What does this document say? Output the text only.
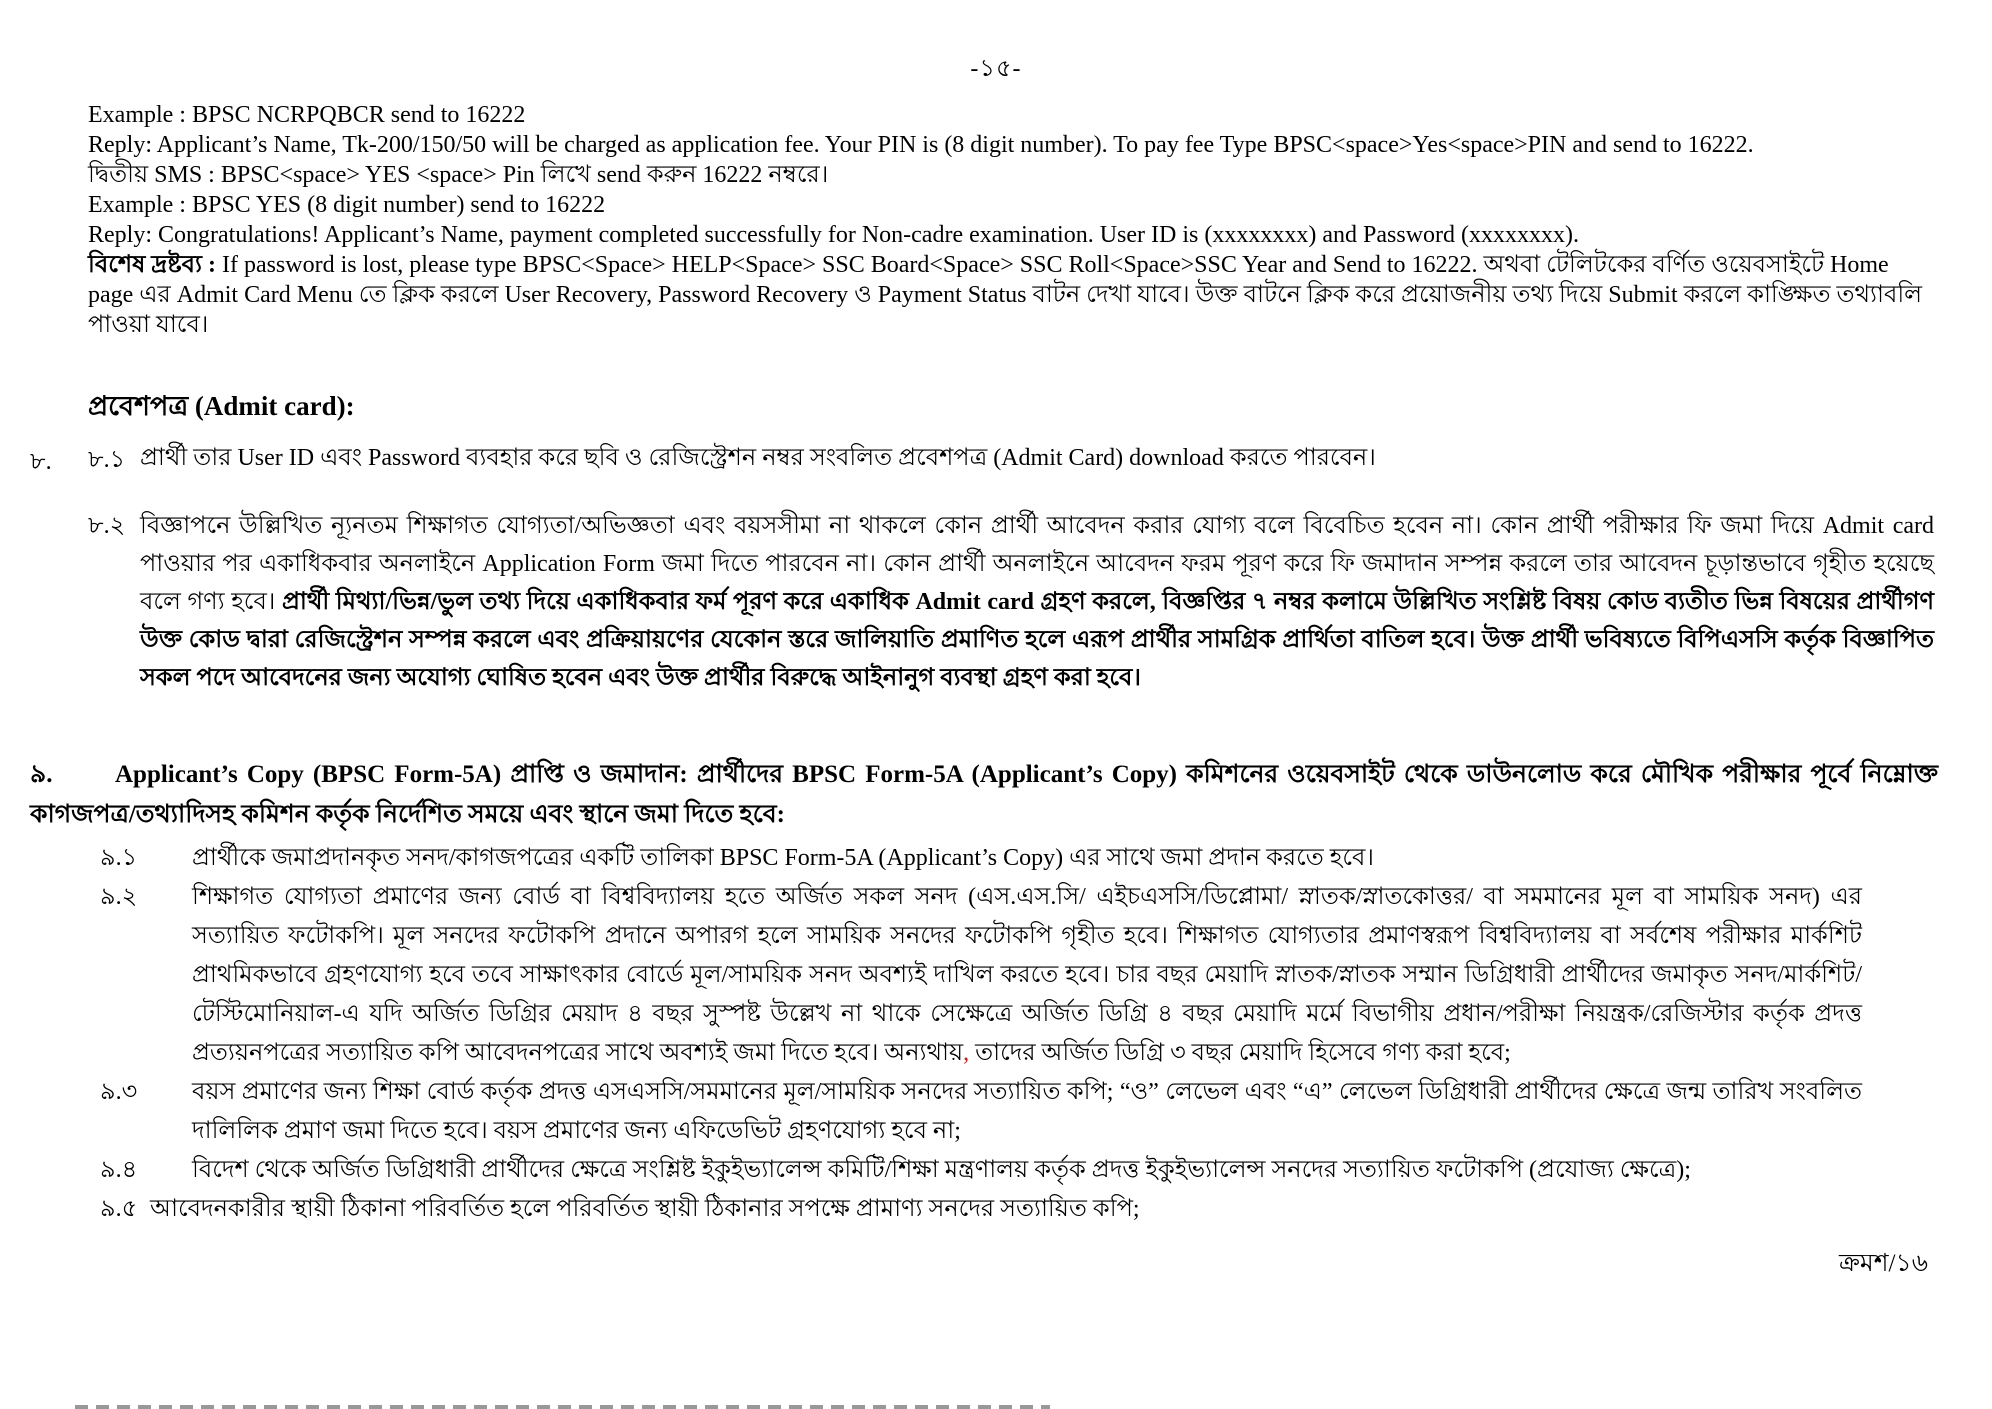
-১৫-

Example : BPSC NCRPQBCR send to 16222

Reply: Applicant’s Name, Tk-200/150/50 will be charged as application fee. Your PIN is (8 digit number). To pay fee Type BPSC<space>Yes<space>PIN and send to 16222.

দ্বিতীয় SMS : BPSC<space> YES <space> Pin লিখে send করুন 16222 নম্বরে।

Example : BPSC YES (8 digit number) send to 16222

Reply: Congratulations! Applicant’s Name, payment completed successfully for Non-cadre examination. User ID is (xxxxxxxx) and Password (xxxxxxxx).

বিশেষ দ্রষ্টব্য : If password is lost, please type BPSC<Space> HELP<Space> SSC Board<Space> SSC Roll<Space>SSC Year and Send to 16222. অথবা টেলিটকের বর্ণিত ওয়েবসাইটে Home page এর Admit Card Menu তে ক্লিক করলে User Recovery, Password Recovery ও Payment Status বাটন দেখা যাবে। উক্ত বাটনে ক্লিক করে প্রয়োজনীয় তথ্য দিয়ে Submit করলে কাঙ্ক্ষিত তথ্যাবলি পাওয়া যাবে।

প্রবেশপত্র (Admit card):
৮. ৮.১ প্রার্থী তার User ID এবং Password ব্যবহার করে ছবি ও রেজিস্ট্রেশন নম্বর সংবলিত প্রবেশপত্র (Admit Card) download করতে পারবেন।

৮.২ বিজ্ঞাপনে উল্লিখিত ন্যূনতম শিক্ষাগত যোগ্যতা/অভিজ্ঞতা এবং বয়সসীমা না থাকলে কোন প্রার্থী আবেদন করার যোগ্য বলে বিবেচিত হবেন না। কোন প্রার্থী পরীক্ষার ফি জমা দিয়ে Admit card পাওয়ার পর একাধিকবার অনলাইনে Application Form জমা দিতে পারবেন না। কোন প্রার্থী অনলাইনে আবেদন ফরম পূরণ করে ফি জমাদান সম্পন্ন করলে তার আবেদন চূড়ান্তভাবে গৃহীত হয়েছে বলে গণ্য হবে। প্রার্থী মিথ্যা/ভিন্ন/ভুল তথ্য দিয়ে একাধিকবার ফর্ম পূরণ করে একাধিক Admit card গ্রহণ করলে, বিজ্ঞপ্তির ৭ নম্বর কলামে উল্লিখিত সংশ্লিষ্ট বিষয় কোড ব্যতীত ভিন্ন বিষয়ের প্রার্থীগণ উক্ত কোড দ্বারা রেজিস্ট্রেশন সম্পন্ন করলে এবং প্রক্রিয়ায়ণের যেকোন স্তরে জালিয়াতি প্রমাণিত হলে এরূপ প্রার্থীর সামগ্রিক প্রার্থিতা বাতিল হবে। উক্ত প্রার্থী ভবিষ্যতে বিপিএসসি কর্তৃক বিজ্ঞাপিত সকল পদে আবেদনের জন্য অযোগ্য ঘোষিত হবেন এবং উক্ত প্রার্থীর বিরুদ্ধে আইনানুগ ব্যবস্থা গ্রহণ করা হবে।

৯.	Applicant’s Copy (BPSC Form-5A) প্রাপ্তি ও জমাদান: প্রার্থীদের BPSC Form-5A (Applicant’s Copy) কমিশনের ওয়েবসাইট থেকে ডাউনলোড করে মৌখিক পরীক্ষার পূর্বে নিম্নোক্ত কাগজপত্র/তথ্যাদিসহ কমিশন কর্তৃক নির্দেশিত সময়ে এবং স্থানে জমা দিতে হবে:

৯.১	প্রার্থীকে জমাপ্রদানকৃত সনদ/কাগজপত্রের একটি তালিকা BPSC Form-5A (Applicant’s Copy) এর সাথে জমা প্রদান করতে হবে।

৯.২	শিক্ষাগত যোগ্যতা প্রমাণের জন্য বোর্ড বা বিশ্ববিদ্যালয় হতে অর্জিত সকল সনদ (এস.এস.সি/ এইচএসসি/ডিপ্লোমা/ স্নাতক/স্নাতকোত্তর/ বা সমমানের মূল বা সাময়িক সনদ) এর সত্যায়িত ফটোকপি। মূল সনদের ফটোকপি প্রদানে অপারগ হলে সাময়িক সনদের ফটোকপি গৃহীত হবে। শিক্ষাগত যোগ্যতার প্রমাণস্বরূপ বিশ্ববিদ্যালয় বা সর্বশেষ পরীক্ষার মার্কশিট প্রাথমিকভাবে গ্রহণযোগ্য হবে তবে সাক্ষাৎকার বোর্ডে মূল/সাময়িক সনদ অবশ্যই দাখিল করতে হবে। চার বছর মেয়াদি স্নাতক/স্নাতক সম্মান ডিগ্রিধারী প্রার্থীদের জমাকৃত সনদ/মার্কশিট/টেস্টিমোনিয়াল-এ যদি অর্জিত ডিগ্রির মেয়াদ ৪ বছর সুস্পষ্ট উল্লেখ না থাকে সেক্ষেত্রে অর্জিত ডিগ্রি ৪ বছর মেয়াদি মর্মে বিভাগীয় প্রধান/পরীক্ষা নিয়ন্ত্রক/রেজিস্টার কর্তৃক প্রদত্ত প্রত্যয়নপত্রের সত্যায়িত কপি আবেদনপত্রের সাথে অবশ্যই জমা দিতে হবে। অন্যথায়, তাদের অর্জিত ডিগ্রি ৩ বছর মেয়াদি হিসেবে গণ্য করা হবে;

৯.৩	বয়স প্রমাণের জন্য শিক্ষা বোর্ড কর্তৃক প্রদত্ত এসএসসি/সমমানের মূল/সাময়িক সনদের সত্যায়িত কপি; “ও” লেভেল এবং “এ” লেভেল ডিগ্রিধারী প্রার্থীদের ক্ষেত্রে জন্ম তারিখ সংবলিত দালিলিক প্রমাণ জমা দিতে হবে। বয়স প্রমাণের জন্য এফিডেভিট গ্রহণযোগ্য হবে না;

৯.৪	বিদেশ থেকে অর্জিত ডিগ্রিধারী প্রার্থীদের ক্ষেত্রে সংশ্লিষ্ট ইকুইভ্যালেন্স কমিটি/শিক্ষা মন্ত্রণালয় কর্তৃক প্রদত্ত ইকুইভ্যালেন্স সনদের সত্যায়িত ফটোকপি (প্রযোজ্য ক্ষেত্রে);

৯.৫ আবেদনকারীর স্থায়ী ঠিকানা পরিবর্তিত হলে পরিবর্তিত স্থায়ী ঠিকানার সপক্ষে প্রামাণ্য সনদের সত্যায়িত কপি;

ক্রমশ/১৬
